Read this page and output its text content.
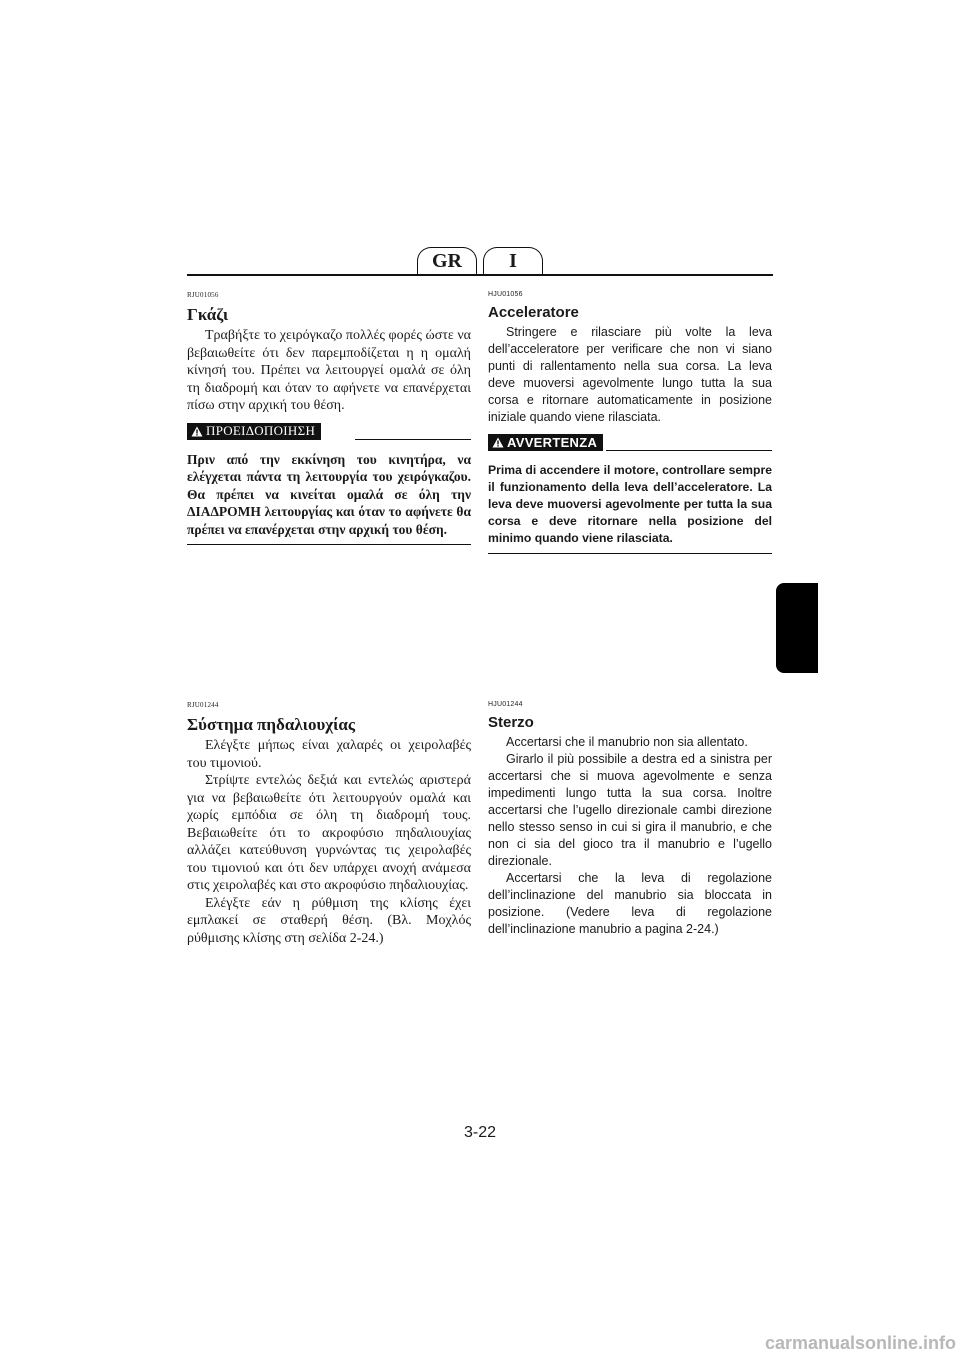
GR	I
RJU01056
Γκάζι

Τραβήξτε το χειρόγκαζο πολλές φορές ώστε να βεβαιωθείτε ότι δεν παρεμποδίζεται η η ομαλή κίνησή του. Πρέπει να λειτουργεί ομαλά σε όλη τη διαδρομή και όταν το αφήνετε να επανέρχεται πίσω στην αρχική του θέση.

ΠΡΟΕΙΔΟΠΟΙΗΣΗ

Πριν από την εκκίνηση του κινητήρα, να ελέγχεται πάντα τη λειτουργία του χειρόγκαζου. Θα πρέπει να κινείται ομαλά σε όλη την ΔΙΑΔΡΟΜΗ λειτουργίας και όταν το αφήνετε θα πρέπει να επανέρχεται στην αρχική του θέση.

HJU01056
Acceleratore

Stringere e rilasciare più volte la leva dell’acceleratore per verificare che non vi siano punti di rallentamento nella sua corsa. La leva deve muoversi agevolmente lungo tutta la sua corsa e ritornare automaticamente in posizione iniziale quando viene rilasciata.

AVVERTENZA

Prima di accendere il motore, controllare sempre il funzionamento della leva dell’acceleratore. La leva deve muoversi agevolmente per tutta la sua corsa e deve ritornare nella posizione del minimo quando viene rilasciata.

RJU01244
Σύστημα πηδαλιουχίας

Ελέγξτε μήπως είναι χαλαρές οι χειρολαβές του τιμονιού.

Στρίψτε εντελώς δεξιά και εντελώς αριστερά για να βεβαιωθείτε ότι λειτουργούν ομαλά και χωρίς εμπόδια σε όλη τη διαδρομή τους. Βεβαιωθείτε ότι το ακροφύσιο πηδαλιουχίας αλλάζει κατεύθυνση γυρνώντας τις χειρολαβές του τιμονιού και ότι δεν υπάρχει ανοχή ανάμεσα στις χειρολαβές και στο ακροφύσιο πηδαλιουχίας.

Ελέγξτε εάν η ρύθμιση της κλίσης έχει εμπλακεί σε σταθερή θέση. (Βλ. Μοχλός ρύθμισης κλίσης στη σελίδα 2-24.)

HJU01244
Sterzo

Accertarsi che il manubrio non sia allentato.

Girarlo il più possibile a destra ed a sinistra per accertarsi che si muova agevolmente e senza impedimenti lungo tutta la sua corsa. Inoltre accertarsi che l’ugello direzionale cambi direzione nello stesso senso in cui si gira il manubrio, e che non ci sia del gioco tra il manubrio e l’ugello direzionale.

Accertarsi che la leva di regolazione dell’inclinazione del manubrio sia bloccata in posizione. (Vedere leva di regolazione dell’inclinazione manubrio a pagina 2-24.)

3-22
carmanualsonline.info
